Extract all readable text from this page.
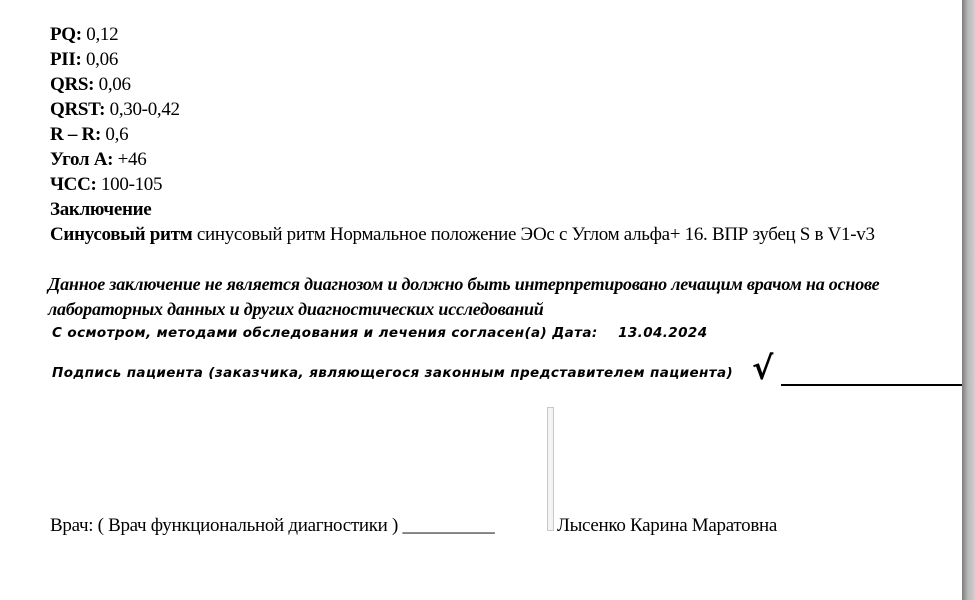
PQ: 0,12
PII: 0,06
QRS: 0,06
QRST: 0,30-0,42
R – R: 0,6
Угол А: +46
ЧСС: 100-105
Заключение
Синусовый ритм синусовый ритм Нормальное положение ЭОс с Углом альфа+ 16. ВПР зубец S в V1-v3
Данное заключение не является диагнозом и должно быть интерпретировано лечащим врачом на основе
лабораторных данных и других диагностических исследований
С осмотром, методами обследования и лечения согласен(а) Дата: 13.04.2024
Подпись пациента (заказчика, являющегося законным представителем пациента) √
Врач: ( Врач функциональной диагностики ) __________	Лысенко Карина Маратовна
